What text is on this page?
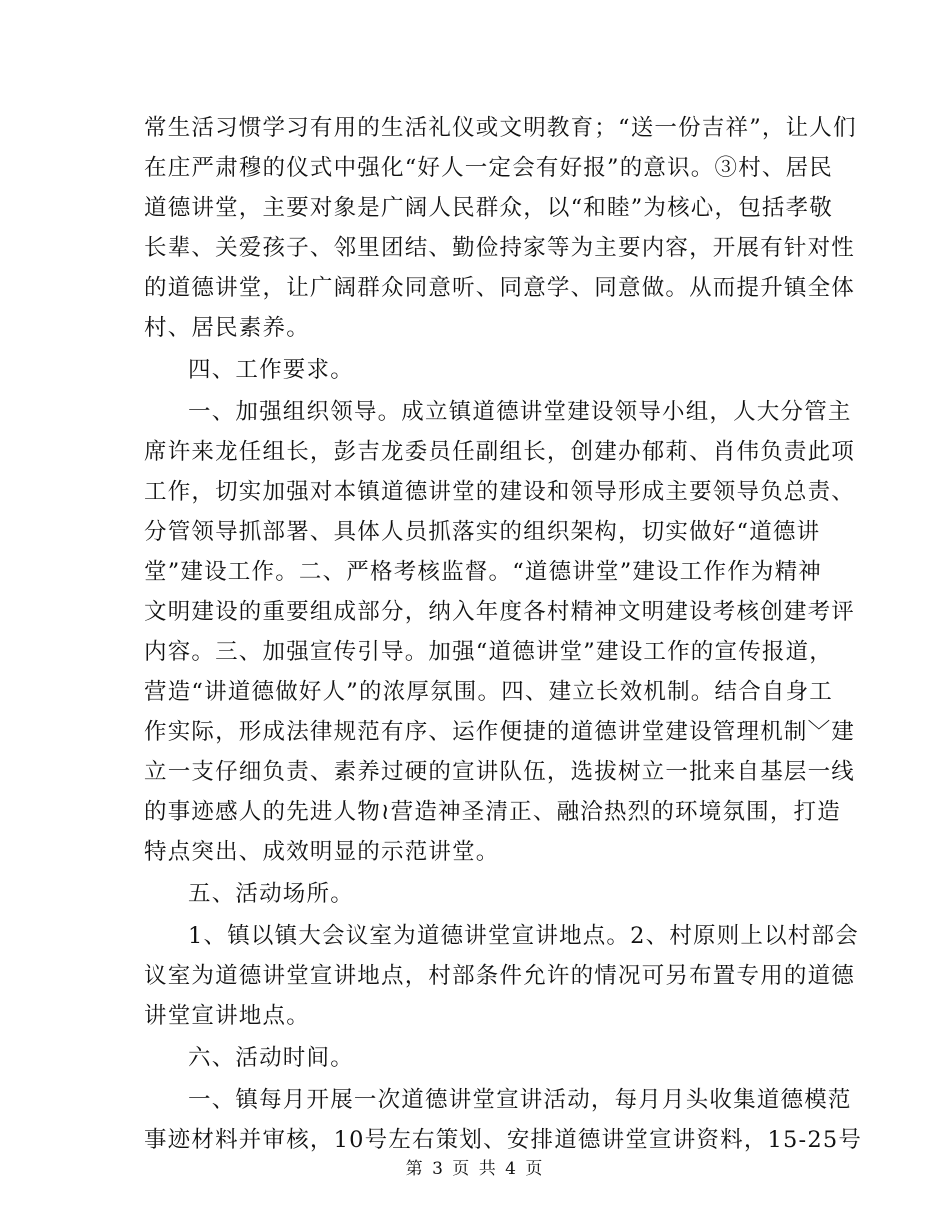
常生活习惯学习有用的生活礼仪或文明教育；“送一份吉祥”，让人们
在庄严肃穆的仪式中强化“好人一定会有好报”的意识。③村、居民
道德讲堂，主要对象是广阔人民群众，以“和睦”为核心，包括孝敬
长辈、关爱孩子、邻里团结、勤俭持家等为主要内容，开展有针对性
的道德讲堂，让广阔群众同意听、同意学、同意做。从而提升镇全体
村、居民素养。
四、工作要求。
一、加强组织领导。成立镇道德讲堂建设领导小组，人大分管主
席许来龙任组长，彭吉龙委员任副组长，创建办郁莉、肖伟负责此项
工作，切实加强对本镇道德讲堂的建设和领导形成主要领导负总责、
分管领导抓部署、具体人员抓落实的组织架构，切实做好“道德讲
堂”建设工作。二、严格考核监督。“道德讲堂”建设工作作为精神
文明建设的重要组成部分，纳入年度各村精神文明建设考核创建考评
内容。三、加强宣传引导。加强“道德讲堂”建设工作的宣传报道，
营造“讲道德做好人”的浓厚氛围。四、建立长效机制。结合自身工
作实际，形成法律规范有序、运作便捷的道德讲堂建设管理机制﹀建
立一支仔细负责、素养过硬的宣讲队伍，选拔树立一批来自基层一线
的事迹感人的先进人物≀营造神圣清正、融洽热烈的环境氛围，打造
特点突出、成效明显的示范讲堂。
五、活动场所。
1、镇以镇大会议室为道德讲堂宣讲地点。2、村原则上以村部会
议室为道德讲堂宣讲地点，村部条件允许的情况可另布置专用的道德
讲堂宣讲地点。
六、活动时间。
一、镇每月开展一次道德讲堂宣讲活动，每月月头收集道德模范
事迹材料并审核，10号左右策划、安排道德讲堂宣讲资料，15-25号
第 3 页 共 4 页
